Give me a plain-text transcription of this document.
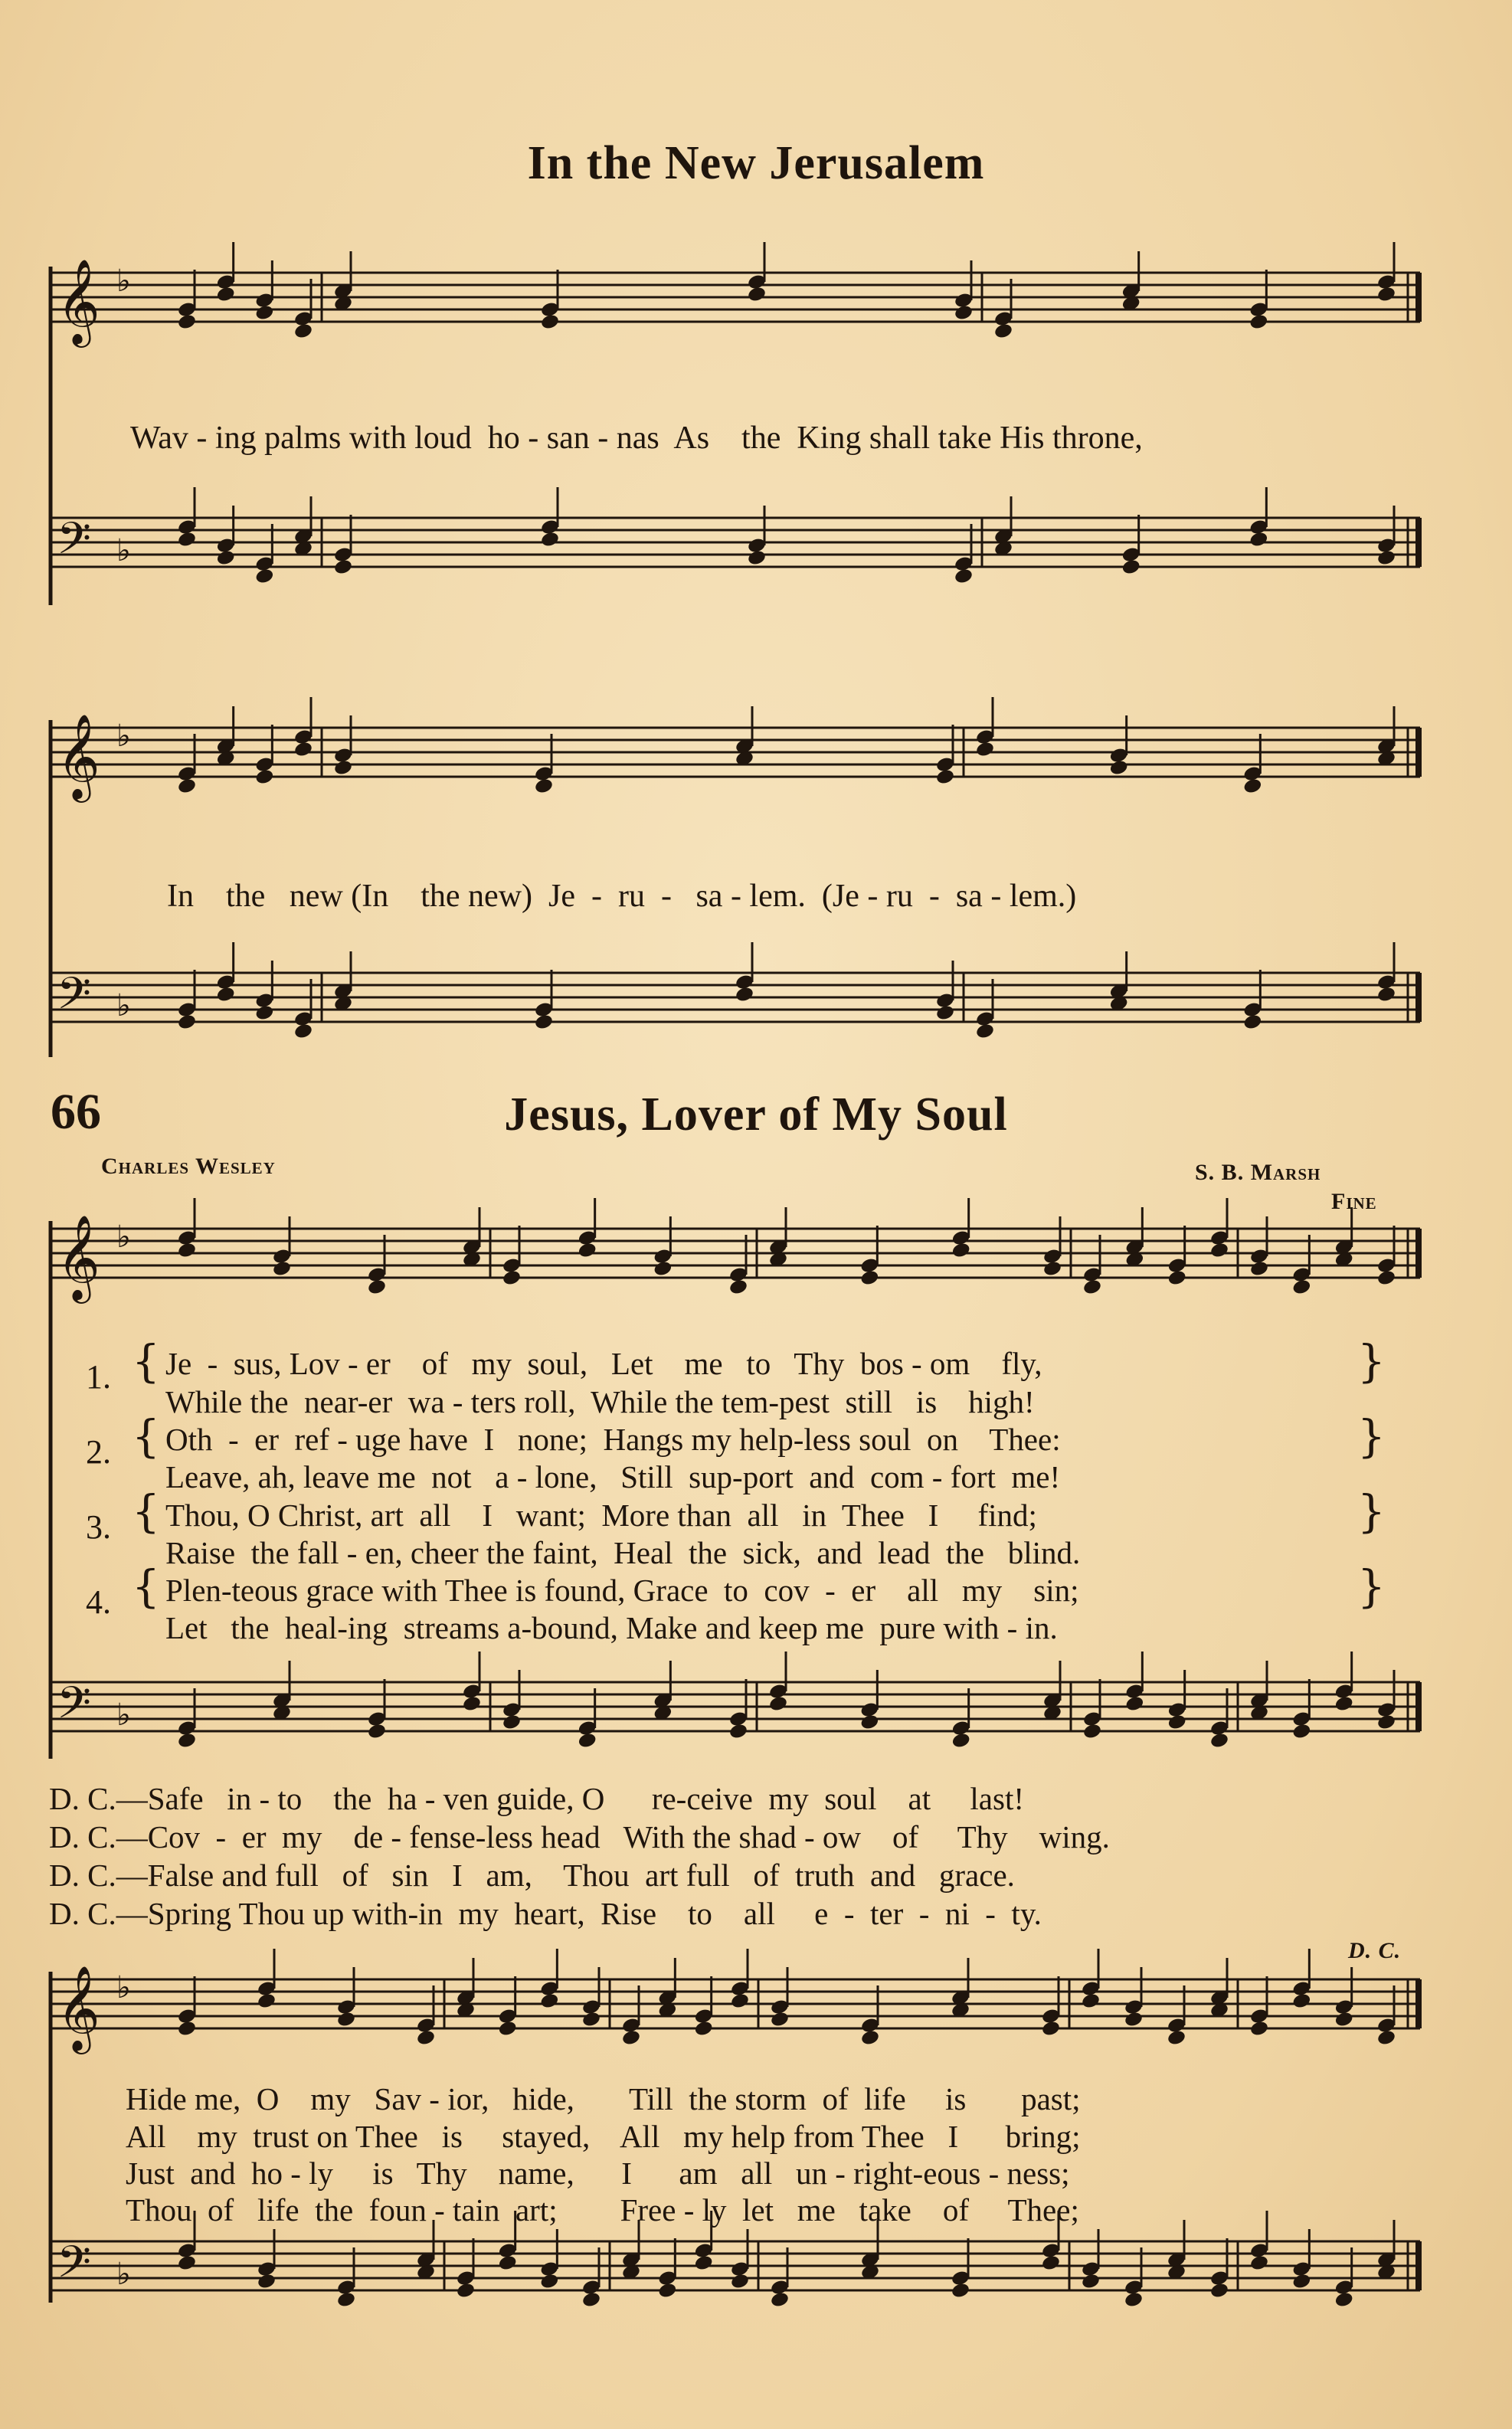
In the New Jerusalem
Wav - ing palms with loud  ho - san - nas  As    the  King shall take His throne,
In    the   new (In    the new)  Je  -  ru  -   sa - lem.  (Je - ru  -  sa - lem.)
66	Jesus, Lover of My Soul
Charles Wesley	S. B. Marsh
Fine
D. C.
1.
2.
3.
4.
{
{
{
{
}
}
}
}
Je  -  sus, Lov - er    of   my  soul,   Let    me   to   Thy  bos - om    fly,
While the  near-er  wa - ters roll,  While the tem-pest  still   is    high!
Oth  -  er  ref - uge have  I   none;  Hangs my help-less soul  on    Thee:
Leave, ah, leave me  not   a - lone,   Still  sup-port  and  com - fort  me!
Thou, O Christ, art  all    I   want;  More than  all   in  Thee   I     find;
Raise  the fall - en, cheer the faint,  Heal  the  sick,  and  lead  the   blind.
Plen-teous grace with Thee is found, Grace  to  cov  -  er    all   my    sin;
Let   the  heal-ing  streams a-bound, Make and keep me  pure with - in.
D. C.—Safe   in - to    the  ha - ven guide, O      re-ceive  my  soul    at     last!
D. C.—Cov  -  er  my    de - fense-less head   With the shad - ow    of     Thy    wing.
D. C.—False and full   of   sin   I   am,    Thou  art full   of  truth  and   grace.
D. C.—Spring Thou up with-in  my  heart,  Rise    to    all     e  -  ter  -  ni  -  ty.
Hide me,  O    my   Sav - ior,   hide,       Till  the storm  of  life     is       past;
All    my  trust on Thee   is     stayed,    All   my help from Thee   I      bring;
Just  and  ho - ly     is   Thy    name,      I      am   all   un - right-eous - ness;
Thou  of   life  the  foun - tain  art;        Free - ly  let   me   take    of     Thee;
𝄞 ♭
𝄢 ♭
𝄞 ♭
𝄢 ♭
𝄞 ♭
𝄢 ♭
𝄞 ♭
𝄢 ♭
